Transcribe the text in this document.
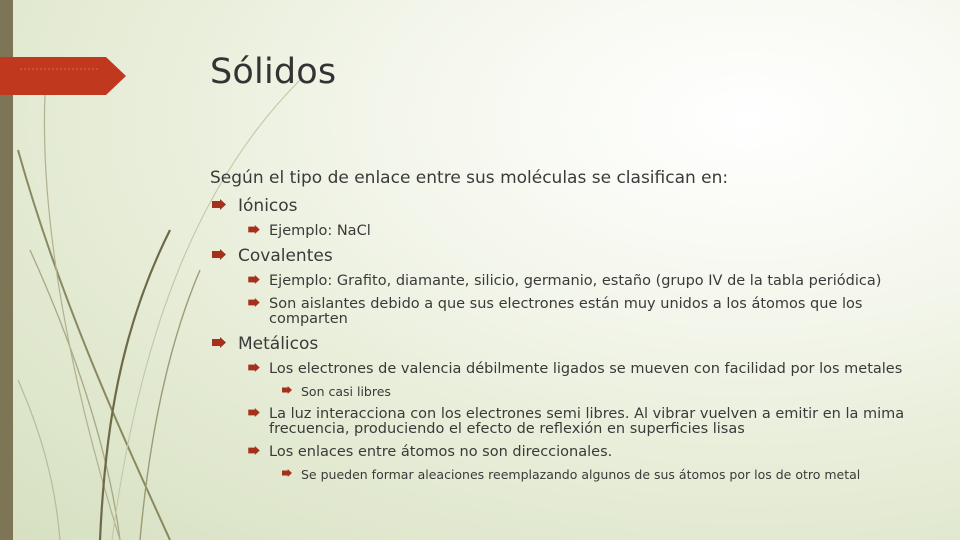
Sólidos

Según el tipo de enlace entre sus moléculas se clasifican en:

Iónicos
Ejemplo: NaCl
Covalentes
Ejemplo: Grafito, diamante, silicio, germanio, estaño (grupo IV de la tabla periódica)
Son aislantes debido a que sus electrones están muy unidos a los átomos que los comparten
Metálicos
Los electrones de valencia débilmente ligados se mueven con facilidad por los metales
Son casi libres
La luz interacciona con los electrones semi libres. Al vibrar vuelven a emitir en la mima frecuencia, produciendo el efecto de reflexión en superficies lisas
Los enlaces entre átomos no son direccionales.
Se pueden formar aleaciones reemplazando algunos de sus átomos por los de otro metal
